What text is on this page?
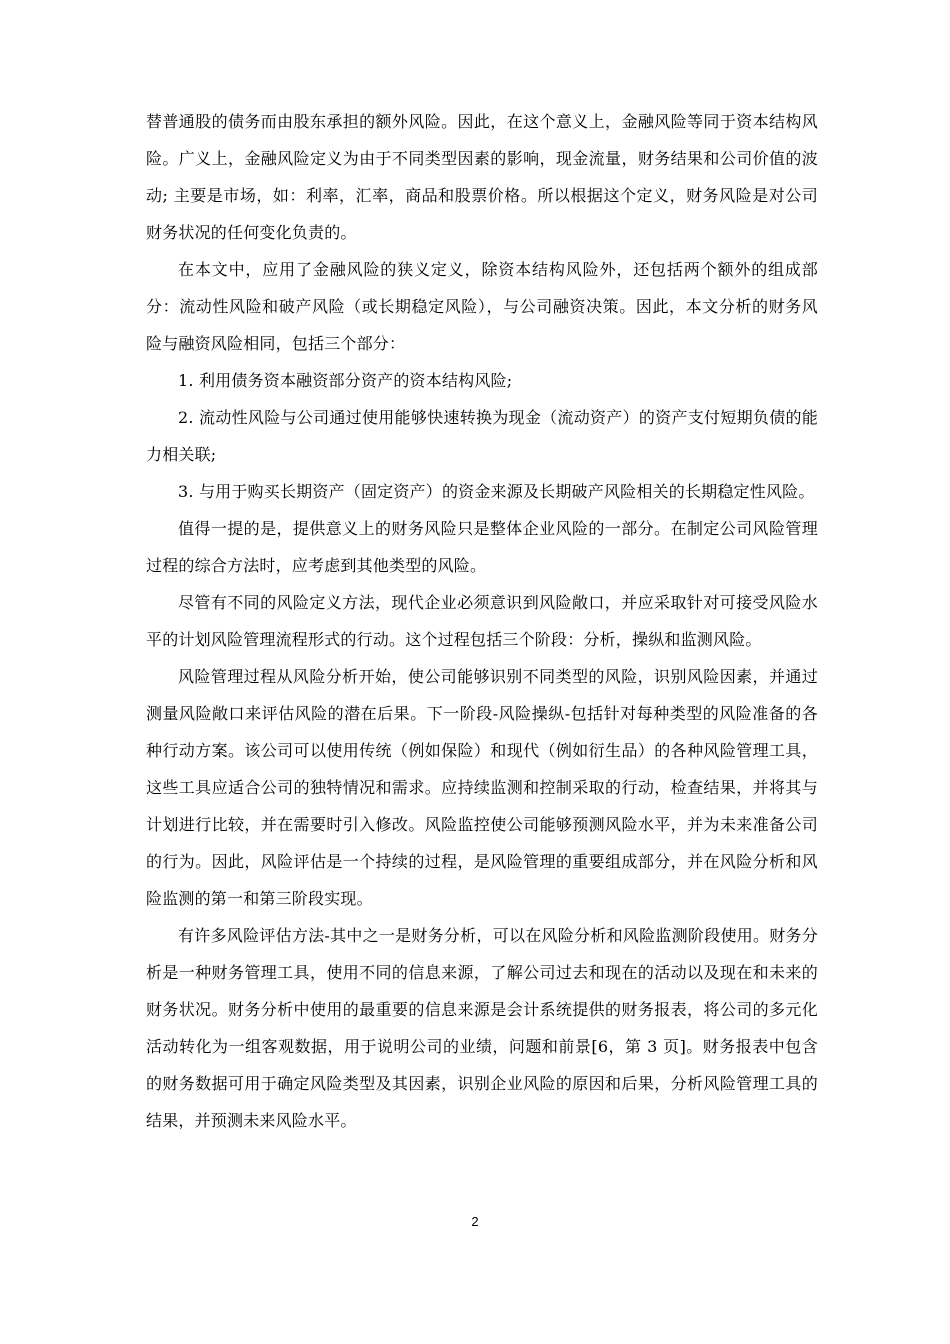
替普通股的债务而由股东承担的额外风险。因此，在这个意义上，金融风险等同于资本结构风险。广义上，金融风险定义为由于不同类型因素的影响，现金流量，财务结果和公司价值的波动; 主要是市场，如：利率，汇率，商品和股票价格。所以根据这个定义，财务风险是对公司财务状况的任何变化负责的。

在本文中，应用了金融风险的狭义定义，除资本结构风险外，还包括两个额外的组成部分：流动性风险和破产风险（或长期稳定风险），与公司融资决策。因此，本文分析的财务风险与融资风险相同，包括三个部分：

1. 利用债务资本融资部分资产的资本结构风险;

2. 流动性风险与公司通过使用能够快速转换为现金（流动资产）的资产支付短期负债的能力相关联;

3. 与用于购买长期资产（固定资产）的资金来源及长期破产风险相关的长期稳定性风险。

值得一提的是，提供意义上的财务风险只是整体企业风险的一部分。在制定公司风险管理过程的综合方法时，应考虑到其他类型的风险。

尽管有不同的风险定义方法，现代企业必须意识到风险敞口，并应采取针对可接受风险水平的计划风险管理流程形式的行动。这个过程包括三个阶段：分析，操纵和监测风险。

风险管理过程从风险分析开始，使公司能够识别不同类型的风险，识别风险因素，并通过测量风险敞口来评估风险的潜在后果。下一阶段-风险操纵-包括针对每种类型的风险准备的各种行动方案。该公司可以使用传统（例如保险）和现代（例如衍生品）的各种风险管理工具，这些工具应适合公司的独特情况和需求。应持续监测和控制采取的行动，检查结果，并将其与计划进行比较，并在需要时引入修改。风险监控使公司能够预测风险水平，并为未来准备公司的行为。因此，风险评估是一个持续的过程，是风险管理的重要组成部分，并在风险分析和风险监测的第一和第三阶段实现。

有许多风险评估方法-其中之一是财务分析，可以在风险分析和风险监测阶段使用。财务分析是一种财务管理工具，使用不同的信息来源，了解公司过去和现在的活动以及现在和未来的财务状况。财务分析中使用的最重要的信息来源是会计系统提供的财务报表，将公司的多元化活动转化为一组客观数据，用于说明公司的业绩，问题和前景[6，第 3 页]。财务报表中包含的财务数据可用于确定风险类型及其因素，识别企业风险的原因和后果，分析风险管理工具的结果，并预测未来风险水平。

2
